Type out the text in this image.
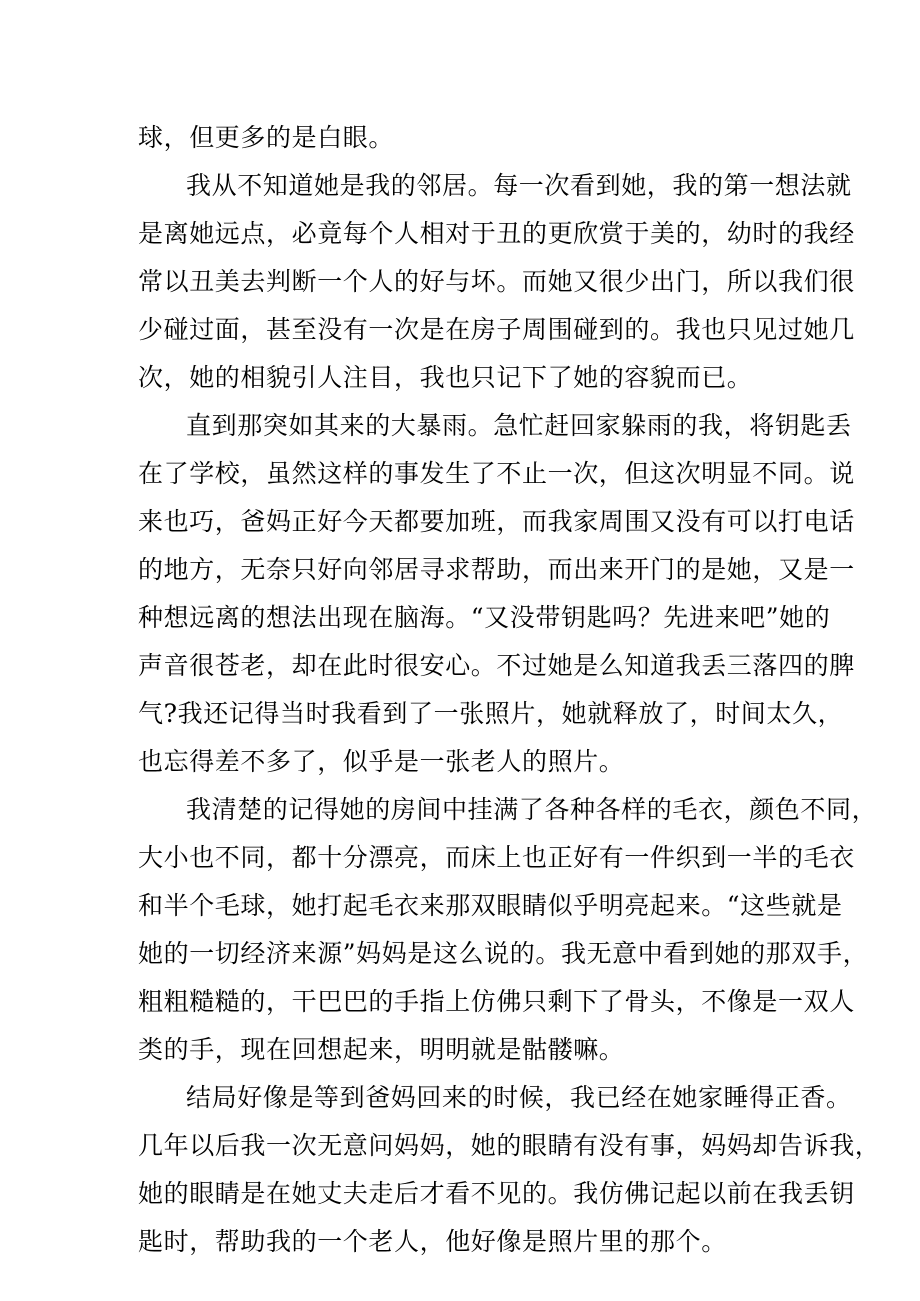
球，但更多的是白眼。
我从不知道她是我的邻居。每一次看到她，我的第一想法就
是离她远点，必竟每个人相对于丑的更欣赏于美的，幼时的我经
常以丑美去判断一个人的好与坏。而她又很少出门，所以我们很
少碰过面，甚至没有一次是在房子周围碰到的。我也只见过她几
次，她的相貌引人注目，我也只记下了她的容貌而已。
直到那突如其来的大暴雨。急忙赶回家躲雨的我，将钥匙丢
在了学校，虽然这样的事发生了不止一次，但这次明显不同。说
来也巧，爸妈正好今天都要加班，而我家周围又没有可以打电话
的地方，无奈只好向邻居寻求帮助，而出来开门的是她，又是一
种想远离的想法出现在脑海。“又没带钥匙吗？先进来吧”她的
声音很苍老，却在此时很安心。不过她是么知道我丢三落四的脾
气?我还记得当时我看到了一张照片，她就释放了，时间太久，
也忘得差不多了，似乎是一张老人的照片。
我清楚的记得她的房间中挂满了各种各样的毛衣，颜色不同，
大小也不同，都十分漂亮，而床上也正好有一件织到一半的毛衣
和半个毛球，她打起毛衣来那双眼睛似乎明亮起来。“这些就是
她的一切经济来源”妈妈是这么说的。我无意中看到她的那双手，
粗粗糙糙的，干巴巴的手指上仿佛只剩下了骨头，不像是一双人
类的手，现在回想起来，明明就是骷髅嘛。
结局好像是等到爸妈回来的时候，我已经在她家睡得正香。
几年以后我一次无意问妈妈，她的眼睛有没有事，妈妈却告诉我，
她的眼睛是在她丈夫走后才看不见的。我仿佛记起以前在我丢钥
匙时，帮助我的一个老人，他好像是照片里的那个。
